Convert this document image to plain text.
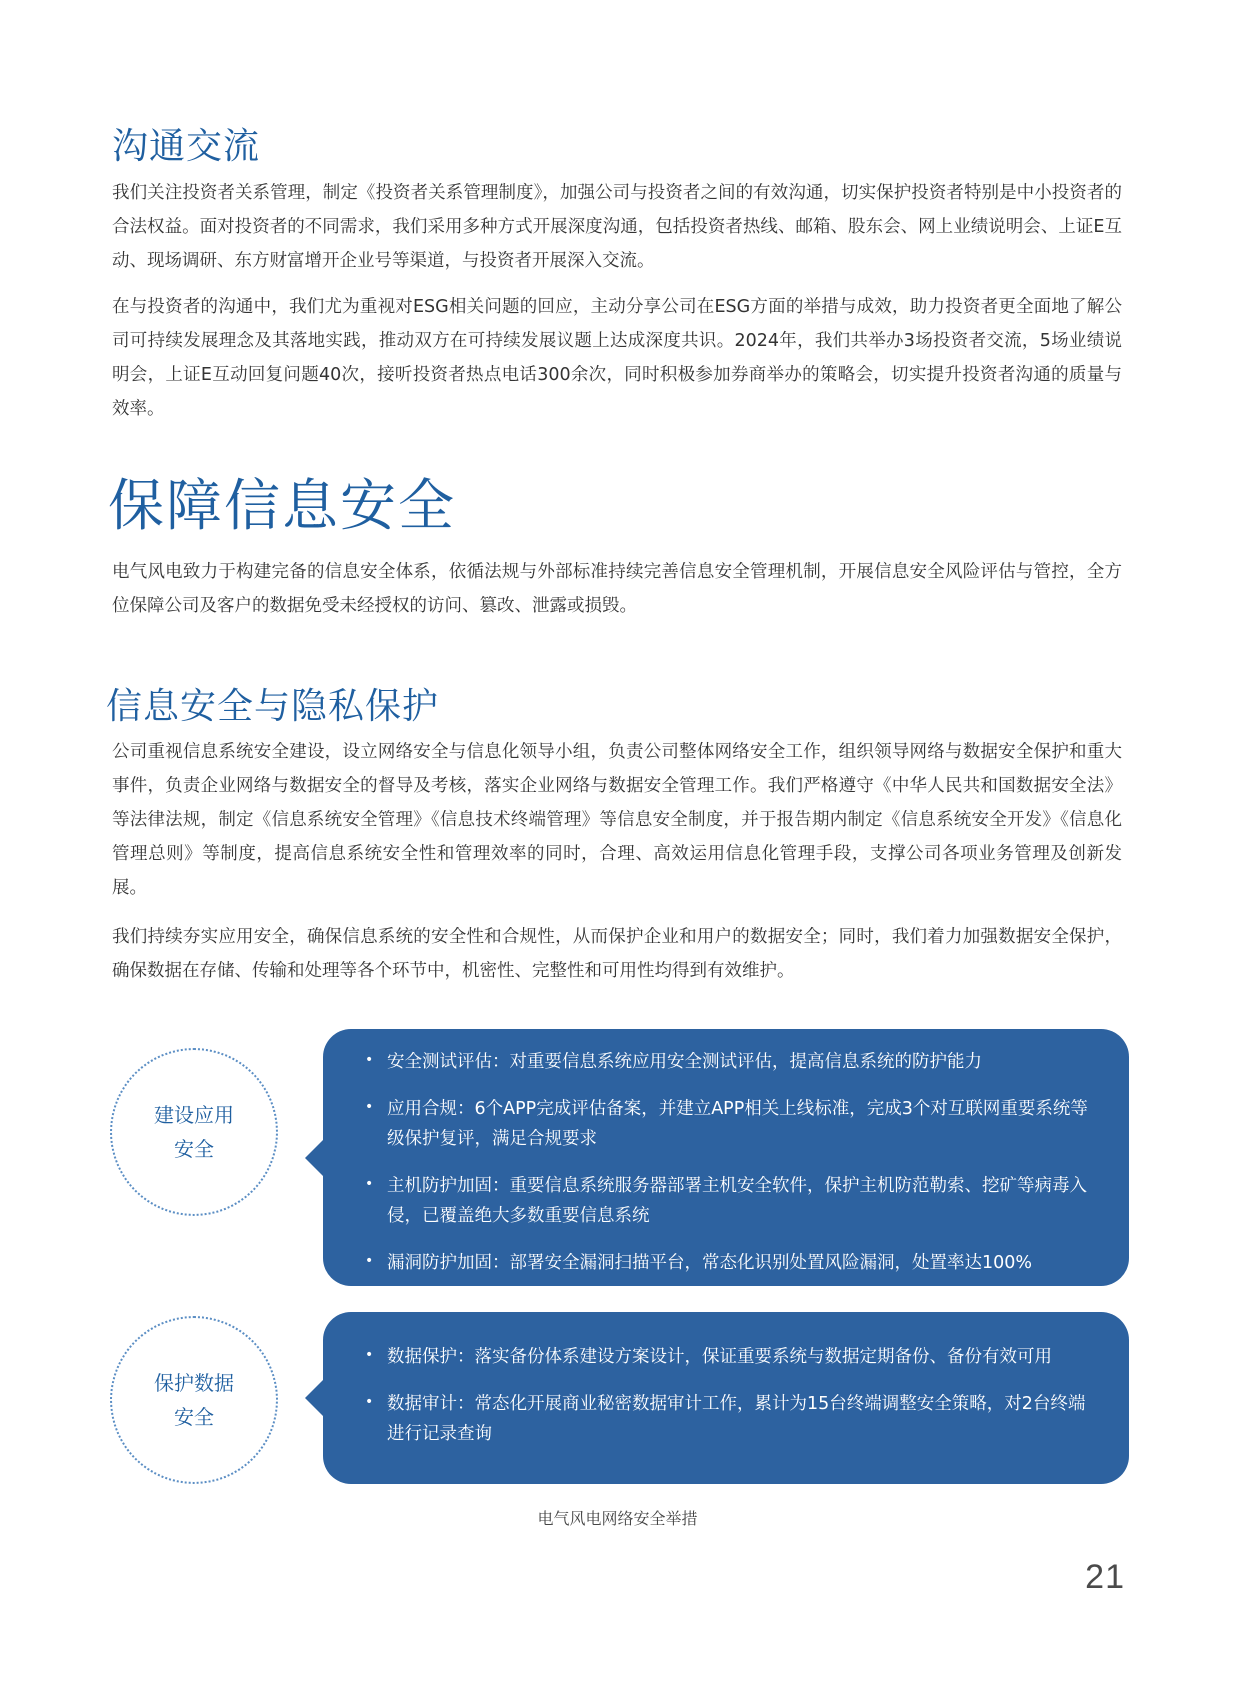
沟通交流

我们关注投资者关系管理，制定《投资者关系管理制度》，加强公司与投资者之间的有效沟通，切实保护投资者特别是中小投资者的合法权益。面对投资者的不同需求，我们采用多种方式开展深度沟通，包括投资者热线、邮箱、股东会、网上业绩说明会、上证E互动、现场调研、东方财富增开企业号等渠道，与投资者开展深入交流。

在与投资者的沟通中，我们尤为重视对ESG相关问题的回应，主动分享公司在ESG方面的举措与成效，助力投资者更全面地了解公司可持续发展理念及其落地实践，推动双方在可持续发展议题上达成深度共识。2024年，我们共举办3场投资者交流，5场业绩说明会，上证E互动回复问题40次，接听投资者热点电话300余次，同时积极参加券商举办的策略会，切实提升投资者沟通的质量与效率。

保障信息安全

电气风电致力于构建完备的信息安全体系，依循法规与外部标准持续完善信息安全管理机制，开展信息安全风险评估与管控，全方位保障公司及客户的数据免受未经授权的访问、篡改、泄露或损毁。

信息安全与隐私保护

公司重视信息系统安全建设，设立网络安全与信息化领导小组，负责公司整体网络安全工作，组织领导网络与数据安全保护和重大事件，负责企业网络与数据安全的督导及考核，落实企业网络与数据安全管理工作。我们严格遵守《中华人民共和国数据安全法》等法律法规，制定《信息系统安全管理》《信息技术终端管理》等信息安全制度，并于报告期内制定《信息系统安全开发》《信息化管理总则》等制度，提高信息系统安全性和管理效率的同时，合理、高效运用信息化管理手段，支撑公司各项业务管理及创新发展。

我们持续夯实应用安全，确保信息系统的安全性和合规性，从而保护企业和用户的数据安全；同时，我们着力加强数据安全保护，确保数据在存储、传输和处理等各个环节中，机密性、完整性和可用性均得到有效维护。

建设应用
安全
• 安全测试评估：对重要信息系统应用安全测试评估，提高信息系统的防护能力
• 应用合规：6个APP完成评估备案，并建立APP相关上线标准，完成3个对互联网重要系统等级保护复评，满足合规要求
• 主机防护加固：重要信息系统服务器部署主机安全软件，保护主机防范勒索、挖矿等病毒入侵，已覆盖绝大多数重要信息系统
• 漏洞防护加固：部署安全漏洞扫描平台，常态化识别处置风险漏洞，处置率达100%
保护数据
安全
• 数据保护：落实备份体系建设方案设计，保证重要系统与数据定期备份、备份有效可用
• 数据审计：常态化开展商业秘密数据审计工作，累计为15台终端调整安全策略，对2台终端进行记录查询
电气风电网络安全举措
21
